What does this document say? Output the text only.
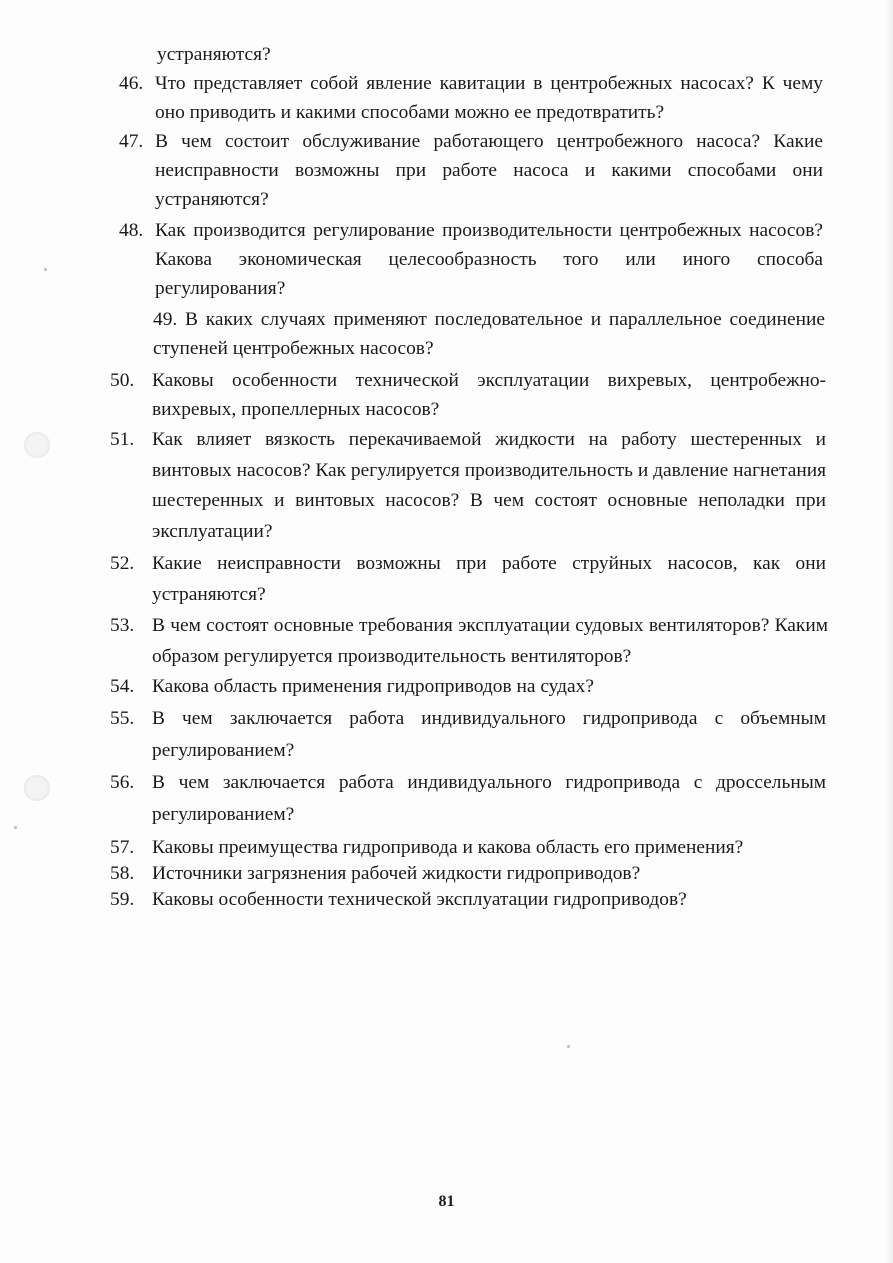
устраняются?
46. Что представляет собой явление кавитации в центробежных насосах? К чему оно приводить и какими способами можно ее предотвратить?
47. В чем состоит обслуживание работающего центробежного насоса? Какие неисправности возможны при работе насоса и какими способами они устраняются?
48. Как производится регулирование производительности центробежных насосов? Какова экономическая целесообразность того или иного способа регулирования?
49. В каких случаях применяют последовательное и параллельное соединение ступеней центробежных насосов?
50. Каковы особенности технической эксплуатации вихревых, центробежно-вихревых, пропеллерных насосов?
51. Как влияет вязкость перекачиваемой жидкости на работу шестеренных и винтовых насосов? Как регулируется производительность и давление нагнетания шестеренных и винтовых насосов? В чем состоят основные неполадки при эксплуатации?
52. Какие неисправности возможны при работе струйных насосов, как они устраняются?
53. В чем состоят основные требования эксплуатации судовых вентиляторов? Каким образом регулируется производительность вентиляторов?
54. Какова область применения гидроприводов на судах?
55. В чем заключается работа индивидуального гидропривода с объемным регулированием?
56. В чем заключается работа индивидуального гидропривода с дроссельным регулированием?
57. Каковы преимущества гидропривода и какова область его применения?
58. Источники загрязнения рабочей жидкости гидроприводов?
59. Каковы особенности технической эксплуатации гидроприводов?
81
